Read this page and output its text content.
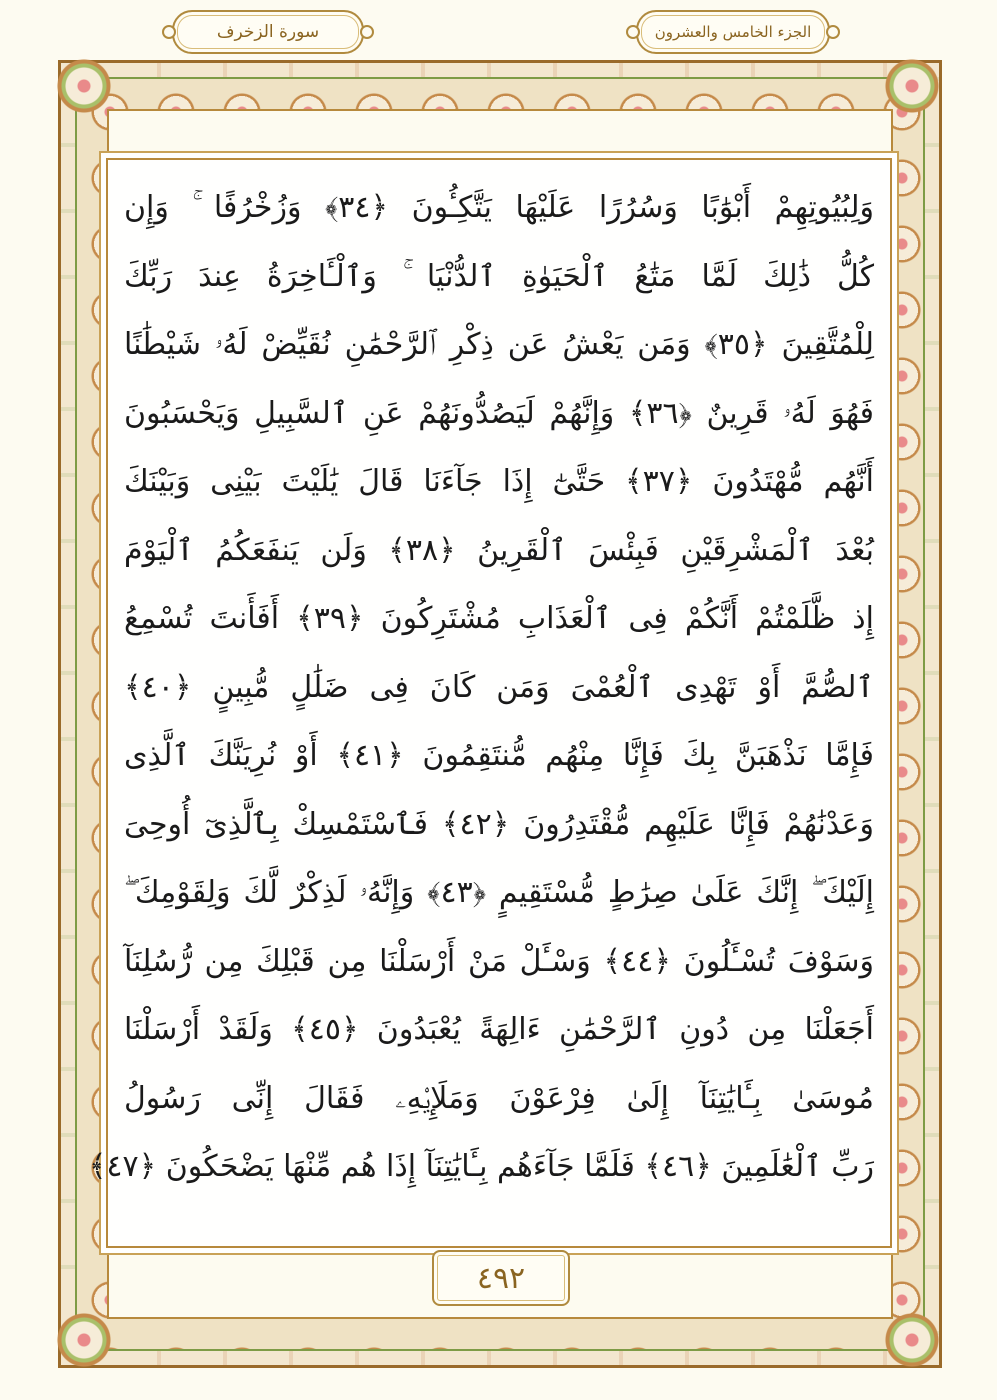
سورة الزخرف	الجزء الخامس والعشرون
وَلِبُيُوتِهِمْ أَبْوَٰبًا وَسُرُرًا عَلَيْهَا يَتَّكِـُٔونَ ﴿٣٤﴾ وَزُخْرُفًا ۚ وَإِن
كُلُّ ذَٰلِكَ لَمَّا مَتَٰعُ ٱلْحَيَوٰةِ ٱلدُّنْيَا ۚ وَٱلْـَٔاخِرَةُ عِندَ رَبِّكَ
لِلْمُتَّقِينَ ﴿٣٥﴾ وَمَن يَعْشُ عَن ذِكْرِ ٱلرَّحْمَٰنِ نُقَيِّضْ لَهُۥ شَيْطَٰنًا
فَهُوَ لَهُۥ قَرِينٌ ﴿٣٦﴾ وَإِنَّهُمْ لَيَصُدُّونَهُمْ عَنِ ٱلسَّبِيلِ وَيَحْسَبُونَ
أَنَّهُم مُّهْتَدُونَ ﴿٣٧﴾ حَتَّىٰٓ إِذَا جَآءَنَا قَالَ يَٰلَيْتَ بَيْنِى وَبَيْنَكَ
بُعْدَ ٱلْمَشْرِقَيْنِ فَبِئْسَ ٱلْقَرِينُ ﴿٣٨﴾ وَلَن يَنفَعَكُمُ ٱلْيَوْمَ
إِذ ظَّلَمْتُمْ أَنَّكُمْ فِى ٱلْعَذَابِ مُشْتَرِكُونَ ﴿٣٩﴾ أَفَأَنتَ تُسْمِعُ
ٱلصُّمَّ أَوْ تَهْدِى ٱلْعُمْىَ وَمَن كَانَ فِى ضَلَٰلٍ مُّبِينٍ ﴿٤٠﴾
فَإِمَّا نَذْهَبَنَّ بِكَ فَإِنَّا مِنْهُم مُّنتَقِمُونَ ﴿٤١﴾ أَوْ نُرِيَنَّكَ ٱلَّذِى
وَعَدْنَٰهُمْ فَإِنَّا عَلَيْهِم مُّقْتَدِرُونَ ﴿٤٢﴾ فَٱسْتَمْسِكْ بِٱلَّذِىٓ أُوحِىَ
إِلَيْكَ ۖ إِنَّكَ عَلَىٰ صِرَٰطٍ مُّسْتَقِيمٍ ﴿٤٣﴾ وَإِنَّهُۥ لَذِكْرٌ لَّكَ وَلِقَوْمِكَ ۖ
وَسَوْفَ تُسْـَٔلُونَ ﴿٤٤﴾ وَسْـَٔلْ مَنْ أَرْسَلْنَا مِن قَبْلِكَ مِن رُّسُلِنَآ
أَجَعَلْنَا مِن دُونِ ٱلرَّحْمَٰنِ ءَالِهَةً يُعْبَدُونَ ﴿٤٥﴾ وَلَقَدْ أَرْسَلْنَا
مُوسَىٰ بِـَٔايَٰتِنَآ إِلَىٰ فِرْعَوْنَ وَمَلَإِي۟هِۦ فَقَالَ إِنِّى رَسُولُ
رَبِّ ٱلْعَٰلَمِينَ ﴿٤٦﴾ فَلَمَّا جَآءَهُم بِـَٔايَٰتِنَآ إِذَا هُم مِّنْهَا يَضْحَكُونَ ﴿٤٧﴾
٤٩٢
